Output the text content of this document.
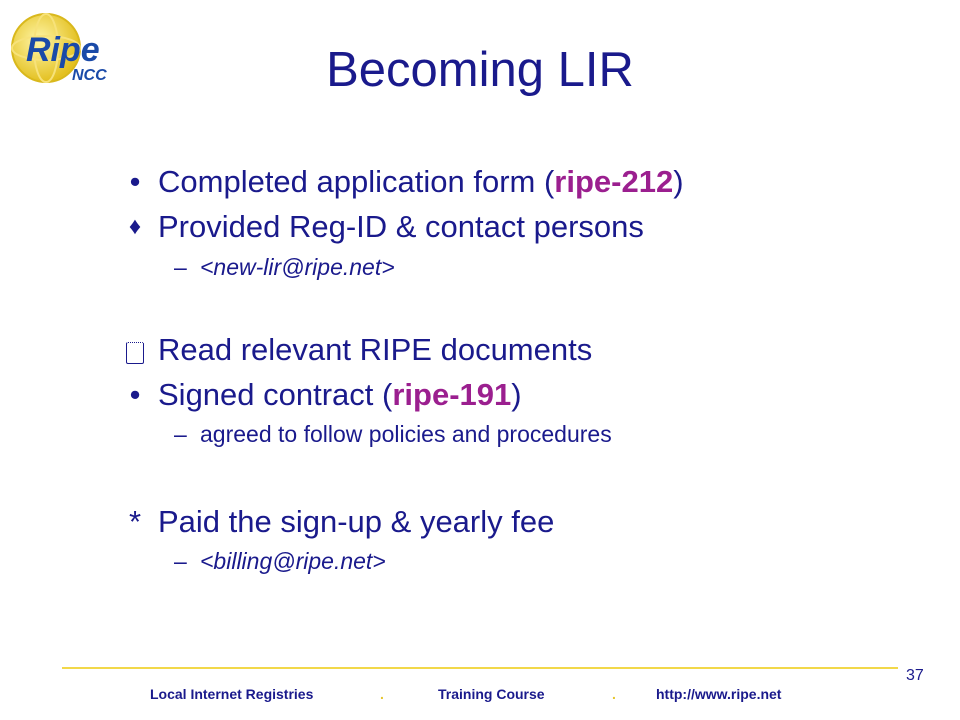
Ripe
NCC	Becoming LIR
• Completed application form (ripe-212)
♦ Provided Reg-ID & contact persons
– <new-lir@ripe.net>
Read relevant RIPE documents
• Signed contract (ripe-191)
– agreed to follow policies and procedures
* Paid the sign-up & yearly fee
– <billing@ripe.net>
37
Local Internet Registries	.	Training Course	.	http://www.ripe.net
